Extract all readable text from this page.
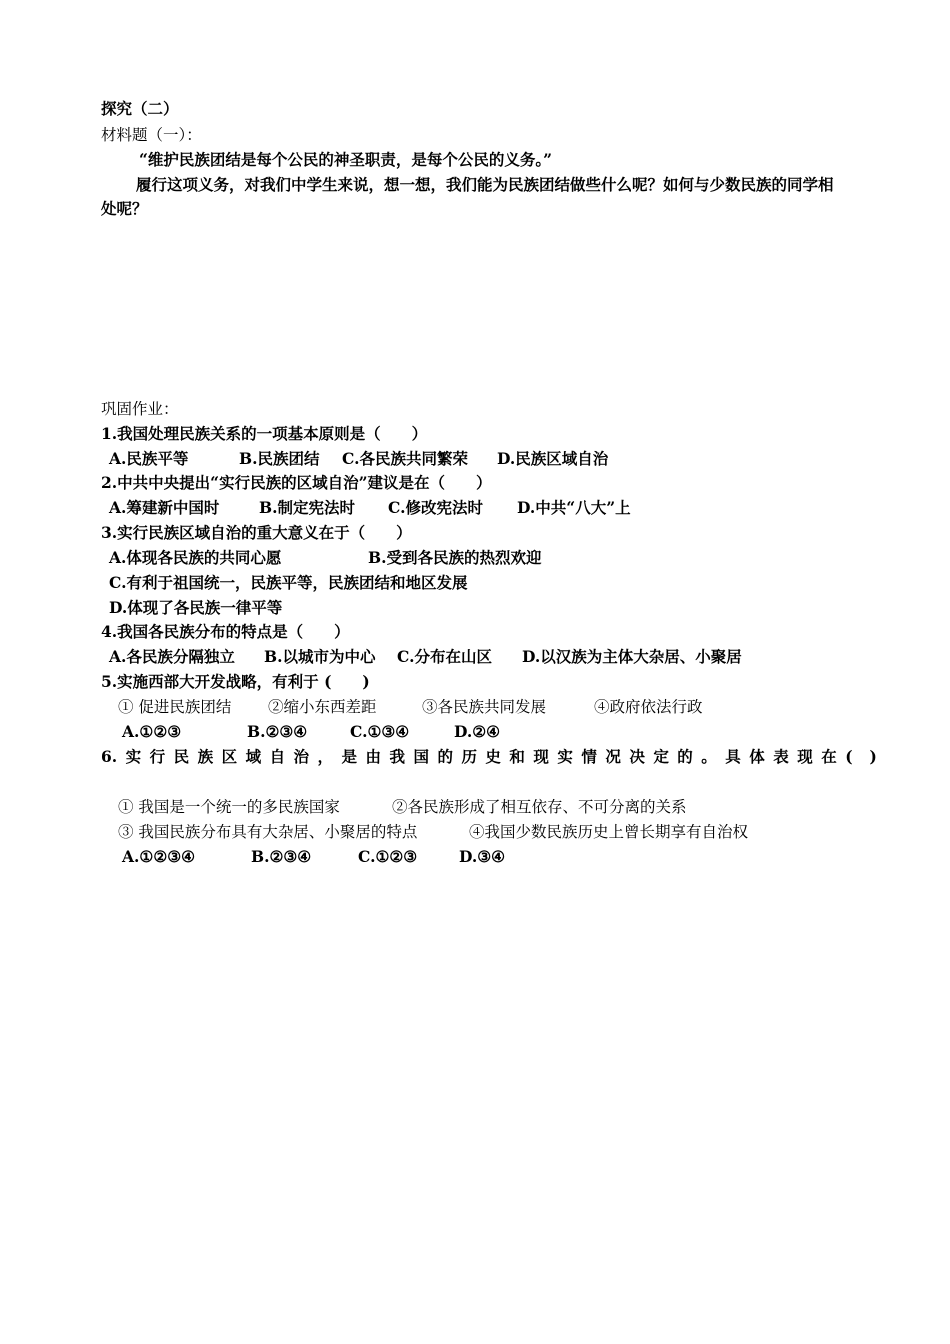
探究（二）
材料题（一）：
“维护民族团结是每个公民的神圣职责，是每个公民的义务。”
履行这项义务，对我们中学生来说，想一想，我们能为民族团结做些什么呢？如何与少数民族的同学相
处呢？
巩固作业：
1.我国处理民族关系的一项基本原则是（　　）
A.民族平等	B.民族团结 C.各民族共同繁荣 D.民族区域自治
2.中共中央提出“实行民族的区域自治”建议是在（　　）
A.筹建新中国时	B.制定宪法时 C.修改宪法时 D.中共“八大”上
3.实行民族区域自治的重大意义在于（　　）
A.体现各民族的共同心愿	B.受到各民族的热烈欢迎
C.有利于祖国统一，民族平等，民族团结和地区发展
D.体现了各民族一律平等
4.我国各民族分布的特点是（　　）
A.各民族分隔独立 B.以城市为中心 C.分布在山区 D.以汉族为主体大杂居、小聚居
5.实施西部大开发战略，有利于 (　　)
① 促进民族团结 ②缩小东西差距	③各民族共同发展	④政府依法行政
A.①②③	B.②③④	C.①③④	D.②④
6. 实 行 民 族 区 域 自 治 ， 是 由 我 国 的 历 史 和 现 实 情 况 决 定 的 。 具 体 表 现 在 ( )
① 我国是一个统一的多民族国家	②各民族形成了相互依存、不可分离的关系
③ 我国民族分布具有大杂居、小聚居的特点	④我国少数民族历史上曾长期享有自治权
A.①②③④	B.②③④	C.①②③	D.③④
